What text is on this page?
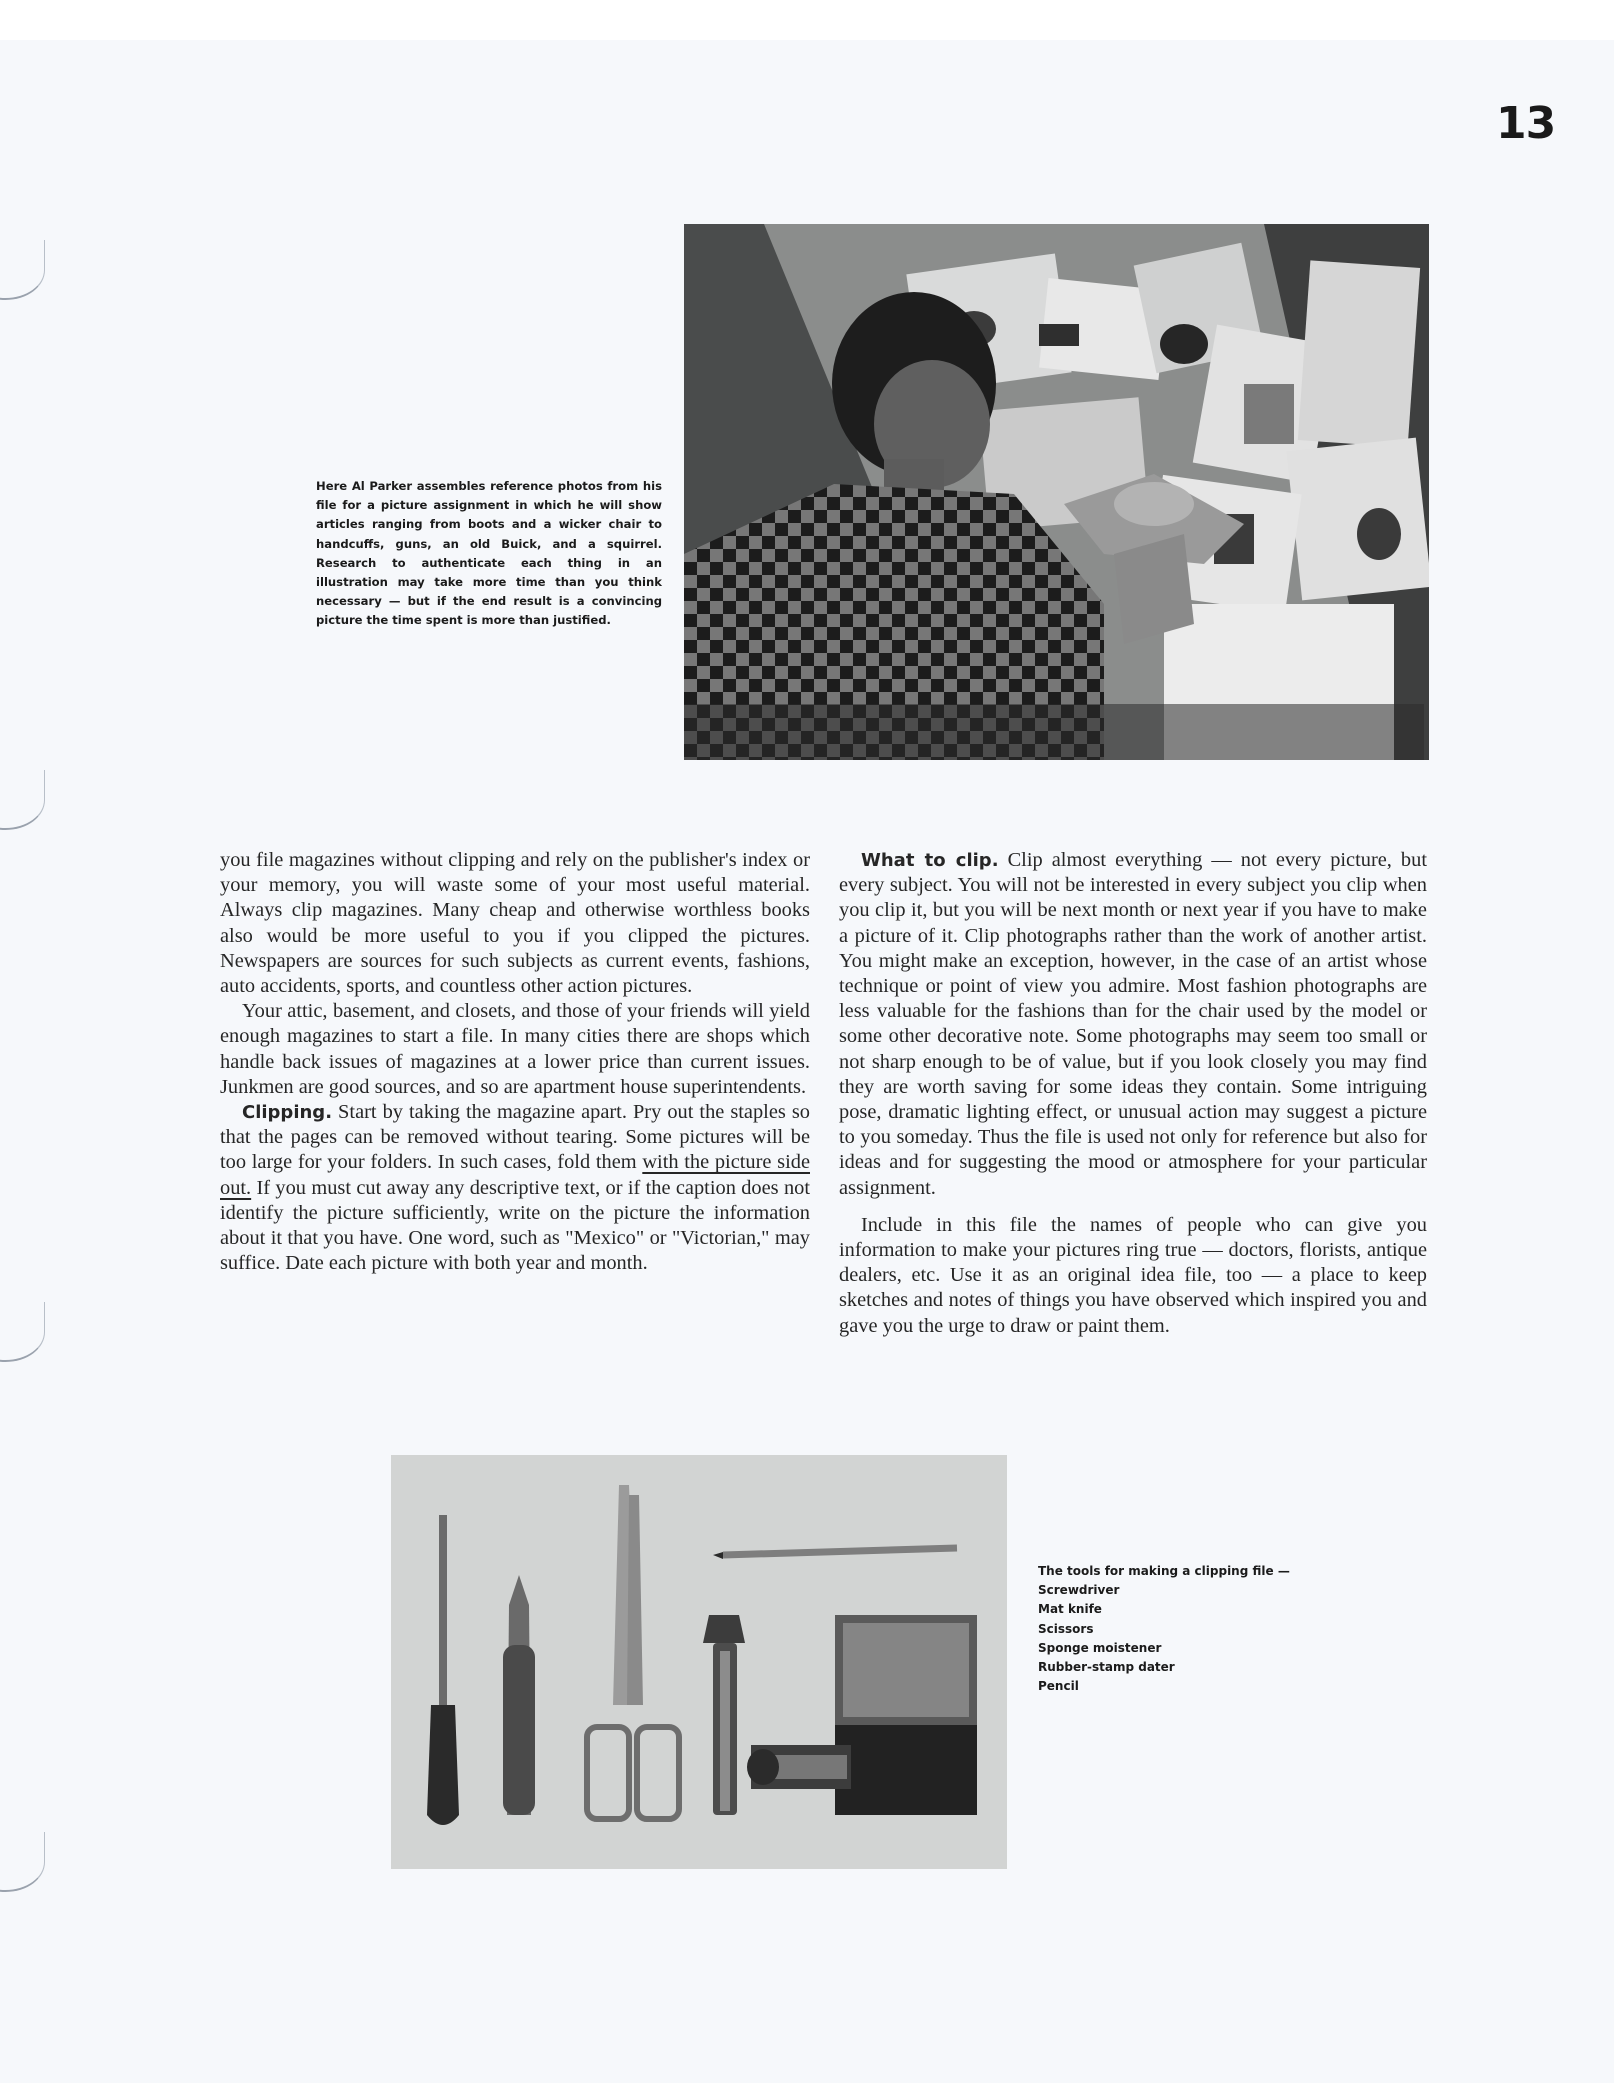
13
Here Al Parker assembles reference photos from his file for a picture assignment in which he will show articles ranging from boots and a wicker chair to handcuffs, guns, an old Buick, and a squirrel. Research to authenticate each thing in an illustration may take more time than you think necessary — but if the end result is a convincing picture the time spent is more than justified.

you file magazines without clipping and rely on the publisher's index or your memory, you will waste some of your most useful material. Always clip magazines. Many cheap and otherwise worthless books also would be more useful to you if you clipped the pictures. Newspapers are sources for such subjects as current events, fashions, auto accidents, sports, and countless other action pictures.

Your attic, basement, and closets, and those of your friends will yield enough magazines to start a file. In many cities there are shops which handle back issues of magazines at a lower price than current issues. Junkmen are good sources, and so are apartment house superintendents.

Clipping. Start by taking the magazine apart. Pry out the staples so that the pages can be removed without tearing. Some pictures will be too large for your folders. In such cases, fold them with the picture side out. If you must cut away any descriptive text, or if the caption does not identify the picture sufficiently, write on the picture the information about it that you have. One word, such as "Mexico" or "Victorian," may suffice. Date each picture with both year and month.

What to clip. Clip almost everything — not every picture, but every subject. You will not be interested in every subject you clip when you clip it, but you will be next month or next year if you have to make a picture of it. Clip photographs rather than the work of another artist. You might make an exception, however, in the case of an artist whose technique or point of view you admire. Most fashion photographs are less valuable for the fashions than for the chair used by the model or some other decorative note. Some photographs may seem too small or not sharp enough to be of value, but if you look closely you may find they are worth saving for some ideas they contain. Some intriguing pose, dramatic lighting effect, or unusual action may suggest a picture to you someday. Thus the file is used not only for reference but also for ideas and for suggesting the mood or atmosphere for your particular assignment.

Include in this file the names of people who can give you information to make your pictures ring true — doctors, florists, antique dealers, etc. Use it as an original idea file, too — a place to keep sketches and notes of things you have observed which inspired you and gave you the urge to draw or paint them.

The tools for making a clipping file —
Screwdriver
Mat knife
Scissors
Sponge moistener
Rubber-stamp dater
Pencil
